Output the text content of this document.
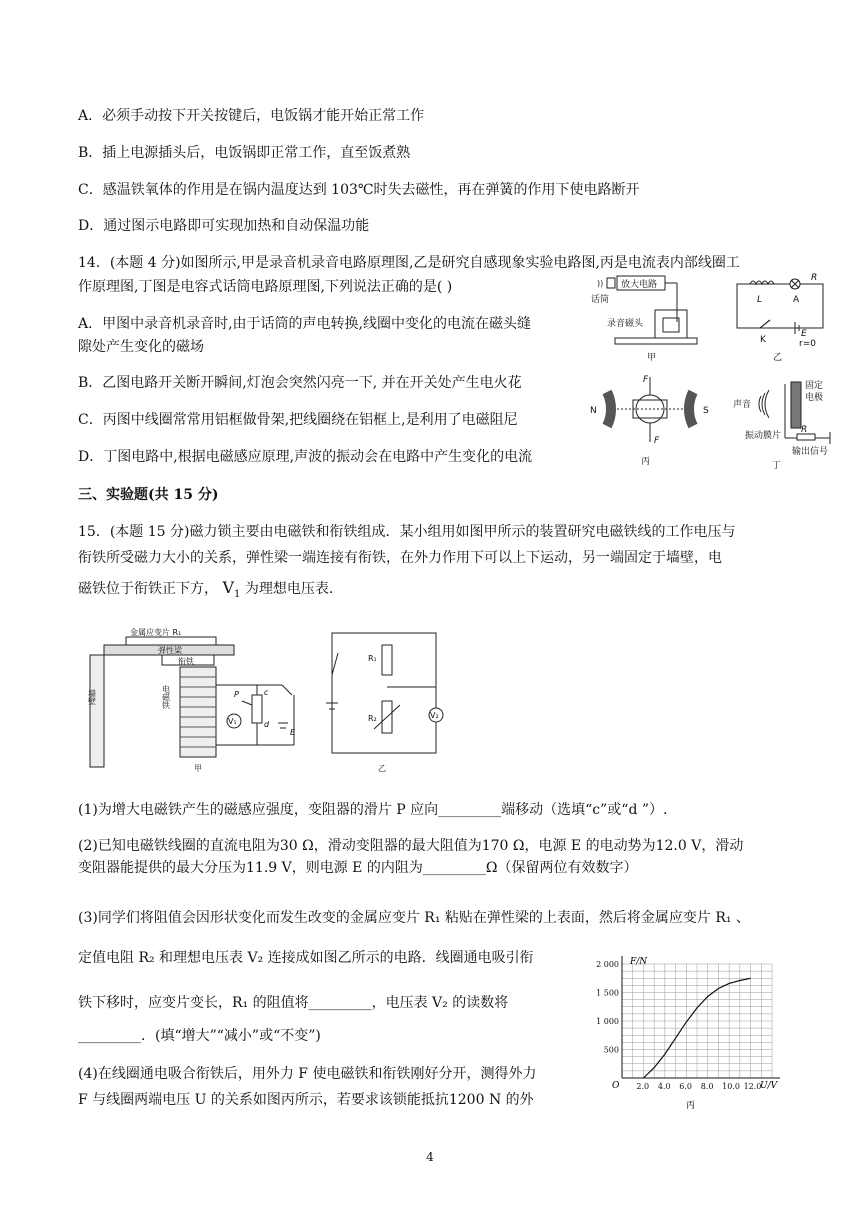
A．必须手动按下开关按键后，电饭锅才能开始正常工作
B．插上电源插头后，电饭锅即正常工作，直至饭煮熟
C．感温铁氧体的作用是在锅内温度达到 103℃时失去磁性，再在弹簧的作用下使电路断开
D．通过图示电路即可实现加热和自动保温功能
14．(本题 4 分)如图所示,甲是录音机录音电路原理图,乙是研究自感现象实验电路图,丙是电流表内部线圈工
作原理图,丁图是电容式话筒电路原理图,下列说法正确的是( )
A．甲图中录音机录音时,由于话筒的声电转换,线圈中变化的电流在磁头缝
隙处产生变化的磁场
B．乙图电路开关断开瞬间,灯泡会突然闪亮一下, 并在开关处产生电火花
C．丙图中线圈常常用铝框做骨架,把线圈绕在铝框上,是利用了电磁阻尼
D．丁图电路中,根据电磁感应原理,声波的振动会在电路中产生变化的电流
)) 放大电路
话筒
录音磁头
甲
L
R
A
K
E
r=0
乙
N	S
F
F
丙
声音
固定
电极
振动膜片
R
输出信号
丁
三、实验题(共 15 分)
15．(本题 15 分)磁力锁主要由电磁铁和衔铁组成．某小组用如图甲所示的装置研究电磁铁线的工作电压与
衔铁所受磁力大小的关系，弹性梁一端连接有衔铁，在外力作用下可以上下运动，另一端固定于墙壁，电
磁铁位于衔铁正下方， $V_1$ 为理想电压表.
金属应变片 R₁
弹性梁
衔铁
墙壁	电磁铁	P	c
d
E
V₁
甲
R₁
R₂	V₂
乙
(1)为增大电磁铁产生的磁感应强度，变阻器的滑片 P 应向_________端移动（选填“c”或“d ”）.
(2)已知电磁铁线圈的直流电阻为30 Ω，滑动变阻器的最大阻值为170 Ω，电源 E 的电动势为12.0 V，滑动
变阻器能提供的最大分压为11.9 V，则电源 E 的内阻为_________Ω（保留两位有效数字）
(3)同学们将阻值会因形状变化而发生改变的金属应变片 R₁ 粘贴在弹性梁的上表面，然后将金属应变片 R₁ 、
定值电阻 R₂ 和理想电压表 V₂ 连接成如图乙所示的电路．线圈通电吸引衔
铁下移时，应变片变长，R₁ 的阻值将_________，电压表 V₂ 的读数将
_________．(填“增大”“减小”或“不变”)
(4)在线圈通电吸合衔铁后，用外力 F 使电磁铁和衔铁刚好分开，测得外力
F 与线圈两端电压 U 的关系如图丙所示，若要求该锁能抵抗1200 N 的外
2.0 4.0 6.0 8.0 10.0 12.0
500
1 000
1 500
2 000 F/N
U/V
O
丙
4
